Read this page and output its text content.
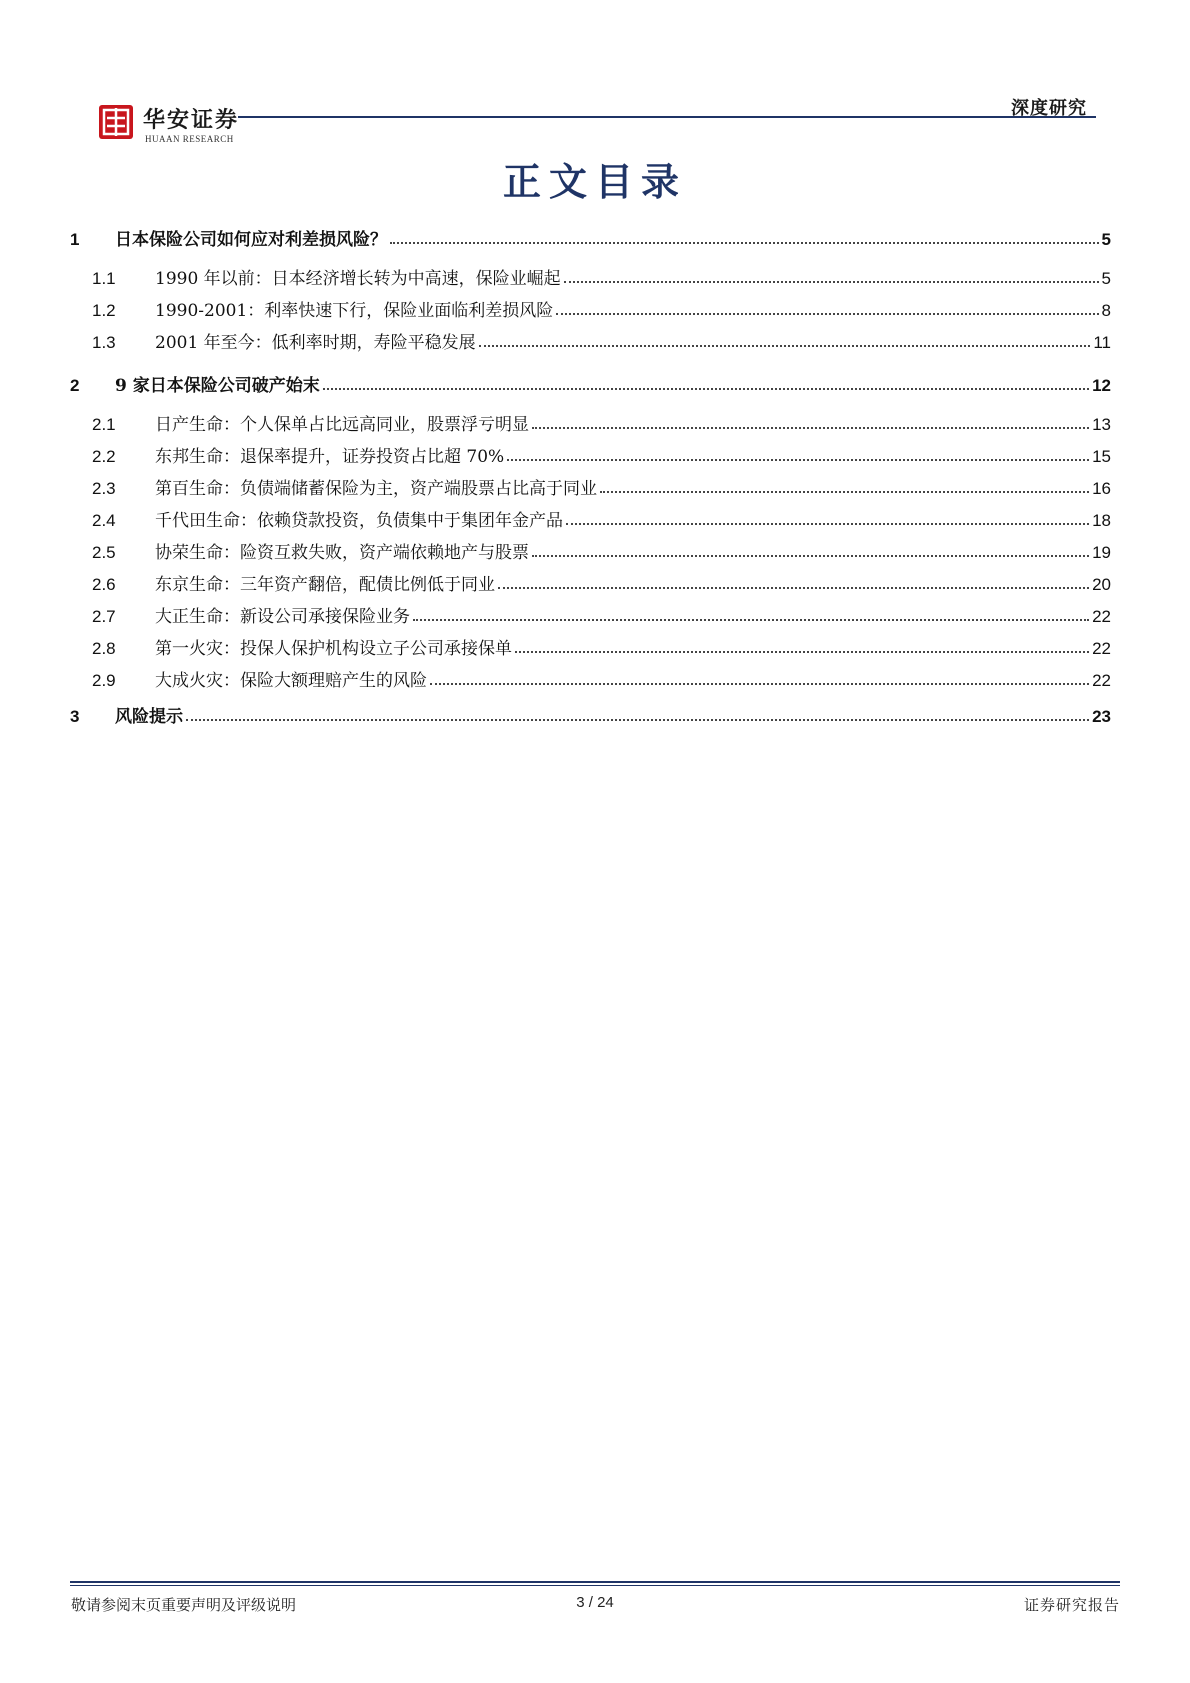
华安证券
HUAAN RESEARCH
深度研究
正文目录
1	日本保险公司如何应对利差损风险？	5
1.1	1990 年以前：日本经济增长转为中高速，保险业崛起	5
1.2	1990-2001：利率快速下行，保险业面临利差损风险	8
1.3	2001 年至今：低利率时期，寿险平稳发展	11
2	9 家日本保险公司破产始末	12
2.1	日产生命：个人保单占比远高同业，股票浮亏明显	13
2.2	东邦生命：退保率提升，证券投资占比超 70%	15
2.3	第百生命：负债端储蓄保险为主，资产端股票占比高于同业	16
2.4	千代田生命：依赖贷款投资，负债集中于集团年金产品	18
2.5	协荣生命：险资互救失败，资产端依赖地产与股票	19
2.6	东京生命：三年资产翻倍，配债比例低于同业	20
2.7	大正生命：新设公司承接保险业务	22
2.8	第一火灾：投保人保护机构设立子公司承接保单	22
2.9	大成火灾：保险大额理赔产生的风险	22
3	风险提示	23
敬请参阅末页重要声明及评级说明	3 / 24	证券研究报告
